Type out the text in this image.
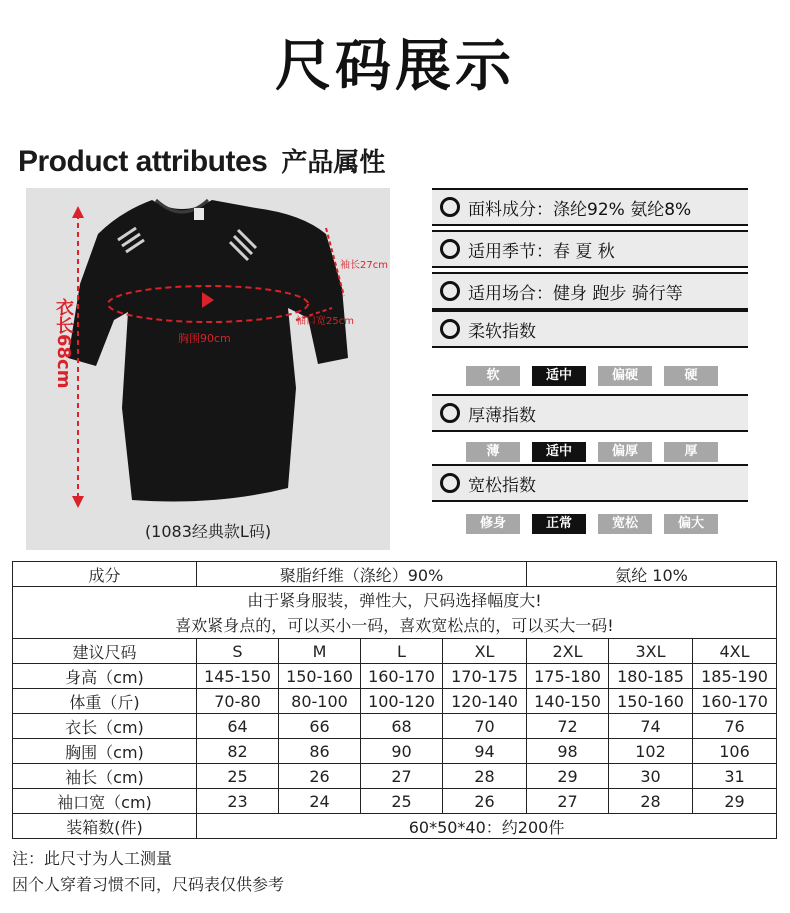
尺码展示
Product attributes 产品属性
衣长68cm
袖长27cm
胸围90cm
袖口宽25cm
(1083经典款L码)
面料成分：涤纶92% 氨纶8%
适用季节：春 夏 秋
适用场合：健身 跑步 骑行等
柔软指数
软	适中	偏硬	硬
厚薄指数
薄	适中	偏厚	厚
宽松指数
修身	正常	宽松	偏大
成分	聚脂纤维（涤纶）90%				氨纶 10%		

由于紧身服装，弹性大，尺码选择幅度大!
喜欢紧身点的，可以买小一码，喜欢宽松点的，可以买大一码!							

建议尺码	S	M	L	XL	2XL	3XL	4XL
身高（cm)	145-150	150-160	160-170	170-175	175-180	180-185	185-190
体重（斤)	70-80	80-100	100-120	120-140	140-150	150-160	160-170
衣长（cm)	64	66	68	70	72	74	76
胸围（cm)	82	86	90	94	98	102	106
袖长（cm)	25	26	27	28	29	30	31
袖口宽（cm)	23	24	25	26	27	28	29
装箱数(件)	60*50*40：约200件						
注：此尺寸为人工测量
因个人穿着习惯不同，尺码表仅供参考
